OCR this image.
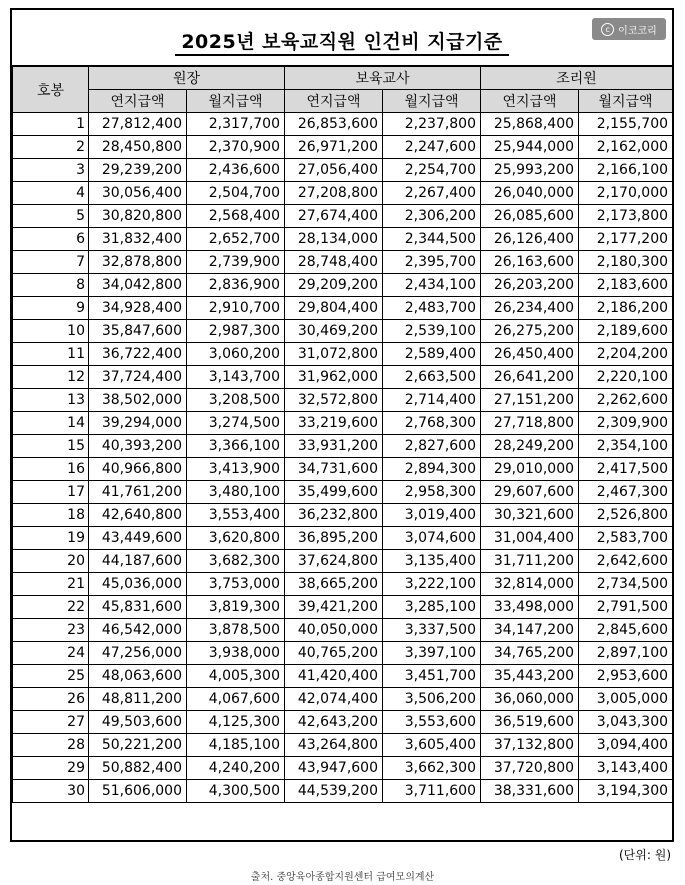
2025년 보육교직원 인건비 지급기준
c 이코코리
호봉	원장		보육교사		조리원	
	연지급액	월지급액	연지급액	월지급액	연지급액	월지급액
1	27,812,400	2,317,700	26,853,600	2,237,800	25,868,400	2,155,700
2	28,450,800	2,370,900	26,971,200	2,247,600	25,944,000	2,162,000
3	29,239,200	2,436,600	27,056,400	2,254,700	25,993,200	2,166,100
4	30,056,400	2,504,700	27,208,800	2,267,400	26,040,000	2,170,000
5	30,820,800	2,568,400	27,674,400	2,306,200	26,085,600	2,173,800
6	31,832,400	2,652,700	28,134,000	2,344,500	26,126,400	2,177,200
7	32,878,800	2,739,900	28,748,400	2,395,700	26,163,600	2,180,300
8	34,042,800	2,836,900	29,209,200	2,434,100	26,203,200	2,183,600
9	34,928,400	2,910,700	29,804,400	2,483,700	26,234,400	2,186,200
10	35,847,600	2,987,300	30,469,200	2,539,100	26,275,200	2,189,600
11	36,722,400	3,060,200	31,072,800	2,589,400	26,450,400	2,204,200
12	37,724,400	3,143,700	31,962,000	2,663,500	26,641,200	2,220,100
13	38,502,000	3,208,500	32,572,800	2,714,400	27,151,200	2,262,600
14	39,294,000	3,274,500	33,219,600	2,768,300	27,718,800	2,309,900
15	40,393,200	3,366,100	33,931,200	2,827,600	28,249,200	2,354,100
16	40,966,800	3,413,900	34,731,600	2,894,300	29,010,000	2,417,500
17	41,761,200	3,480,100	35,499,600	2,958,300	29,607,600	2,467,300
18	42,640,800	3,553,400	36,232,800	3,019,400	30,321,600	2,526,800
19	43,449,600	3,620,800	36,895,200	3,074,600	31,004,400	2,583,700
20	44,187,600	3,682,300	37,624,800	3,135,400	31,711,200	2,642,600
21	45,036,000	3,753,000	38,665,200	3,222,100	32,814,000	2,734,500
22	45,831,600	3,819,300	39,421,200	3,285,100	33,498,000	2,791,500
23	46,542,000	3,878,500	40,050,000	3,337,500	34,147,200	2,845,600
24	47,256,000	3,938,000	40,765,200	3,397,100	34,765,200	2,897,100
25	48,063,600	4,005,300	41,420,400	3,451,700	35,443,200	2,953,600
26	48,811,200	4,067,600	42,074,400	3,506,200	36,060,000	3,005,000
27	49,503,600	4,125,300	42,643,200	3,553,600	36,519,600	3,043,300
28	50,221,200	4,185,100	43,264,800	3,605,400	37,132,800	3,094,400
29	50,882,400	4,240,200	43,947,600	3,662,300	37,720,800	3,143,400
30	51,606,000	4,300,500	44,539,200	3,711,600	38,331,600	3,194,300
(단위: 원)
출처. 중앙육아종합지원센터 급여모의계산
